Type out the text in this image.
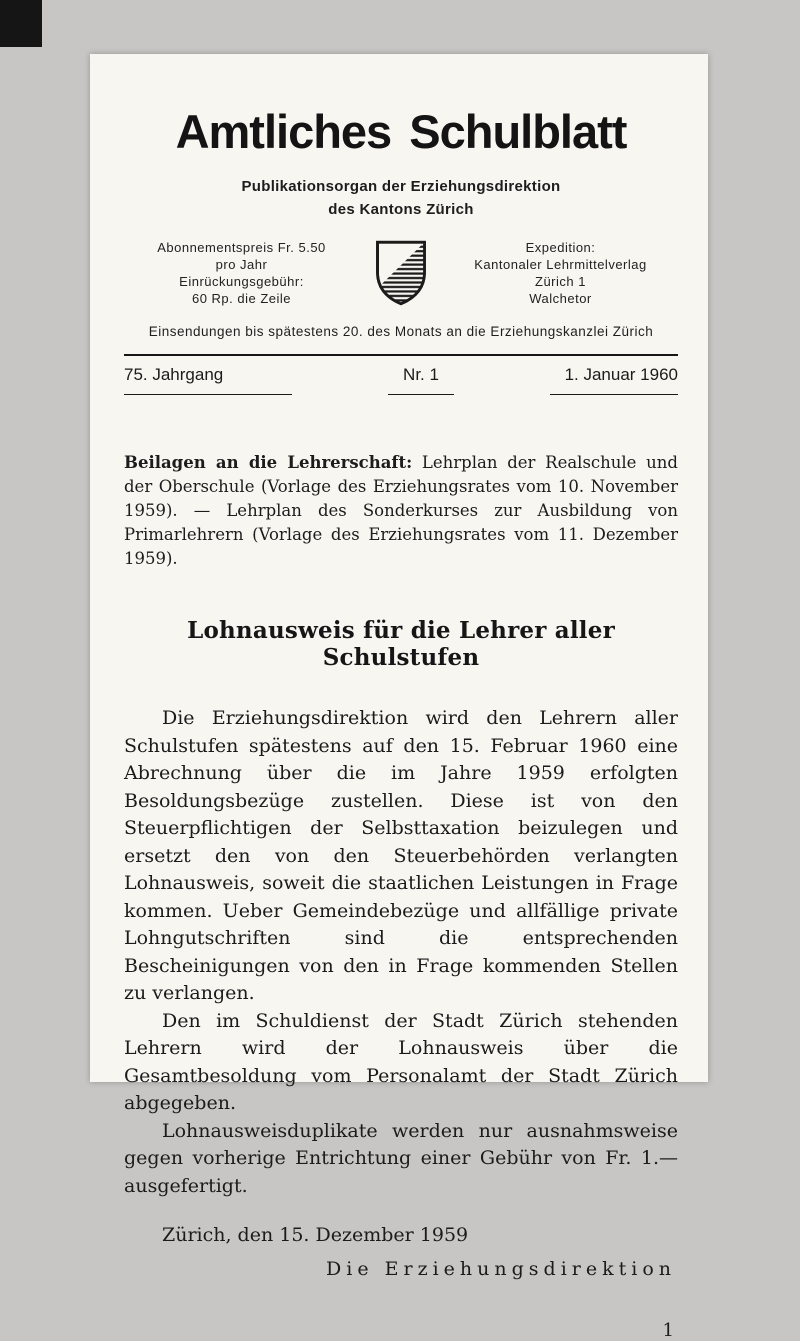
Amtliches Schulblatt
Publikationsorgan der Erziehungsdirektion
des Kantons Zürich
Abonnementspreis Fr. 5.50
pro Jahr
Einrückungsgebühr:
60 Rp. die Zeile
Expedition:
Kantonaler Lehrmittelverlag
Zürich 1
Walchetor
Einsendungen bis spätestens 20. des Monats an die Erziehungskanzlei Zürich
75. Jahrgang	Nr. 1	1. Januar 1960

Beilagen an die Lehrerschaft: Lehrplan der Realschule und der Oberschule (Vorlage des Erziehungsrates vom 10. November 1959). — Lehrplan des Sonderkurses zur Ausbildung von Primarlehrern (Vorlage des Erziehungsrates vom 11. Dezember 1959).

Lohnausweis für die Lehrer aller Schulstufen

Die Erziehungsdirektion wird den Lehrern aller Schulstufen spätestens auf den 15. Februar 1960 eine Abrechnung über die im Jahre 1959 erfolgten Besoldungsbezüge zustellen. Diese ist von den Steuerpflichtigen der Selbsttaxation beizulegen und ersetzt den von den Steuerbehörden verlangten Lohnausweis, soweit die staatlichen Leistungen in Frage kommen. Ueber Gemeindebezüge und allfällige private Lohngutschriften sind die entsprechenden Bescheinigungen von den in Frage kommenden Stellen zu verlangen.

Den im Schuldienst der Stadt Zürich stehenden Lehrern wird der Lohnausweis über die Gesamtbesoldung vom Personalamt der Stadt Zürich abgegeben.

Lohnausweisduplikate werden nur ausnahmsweise gegen vorherige Entrichtung einer Gebühr von Fr. 1.— ausgefertigt.

Zürich, den 15. Dezember 1959

Die Erziehungsdirektion

1
